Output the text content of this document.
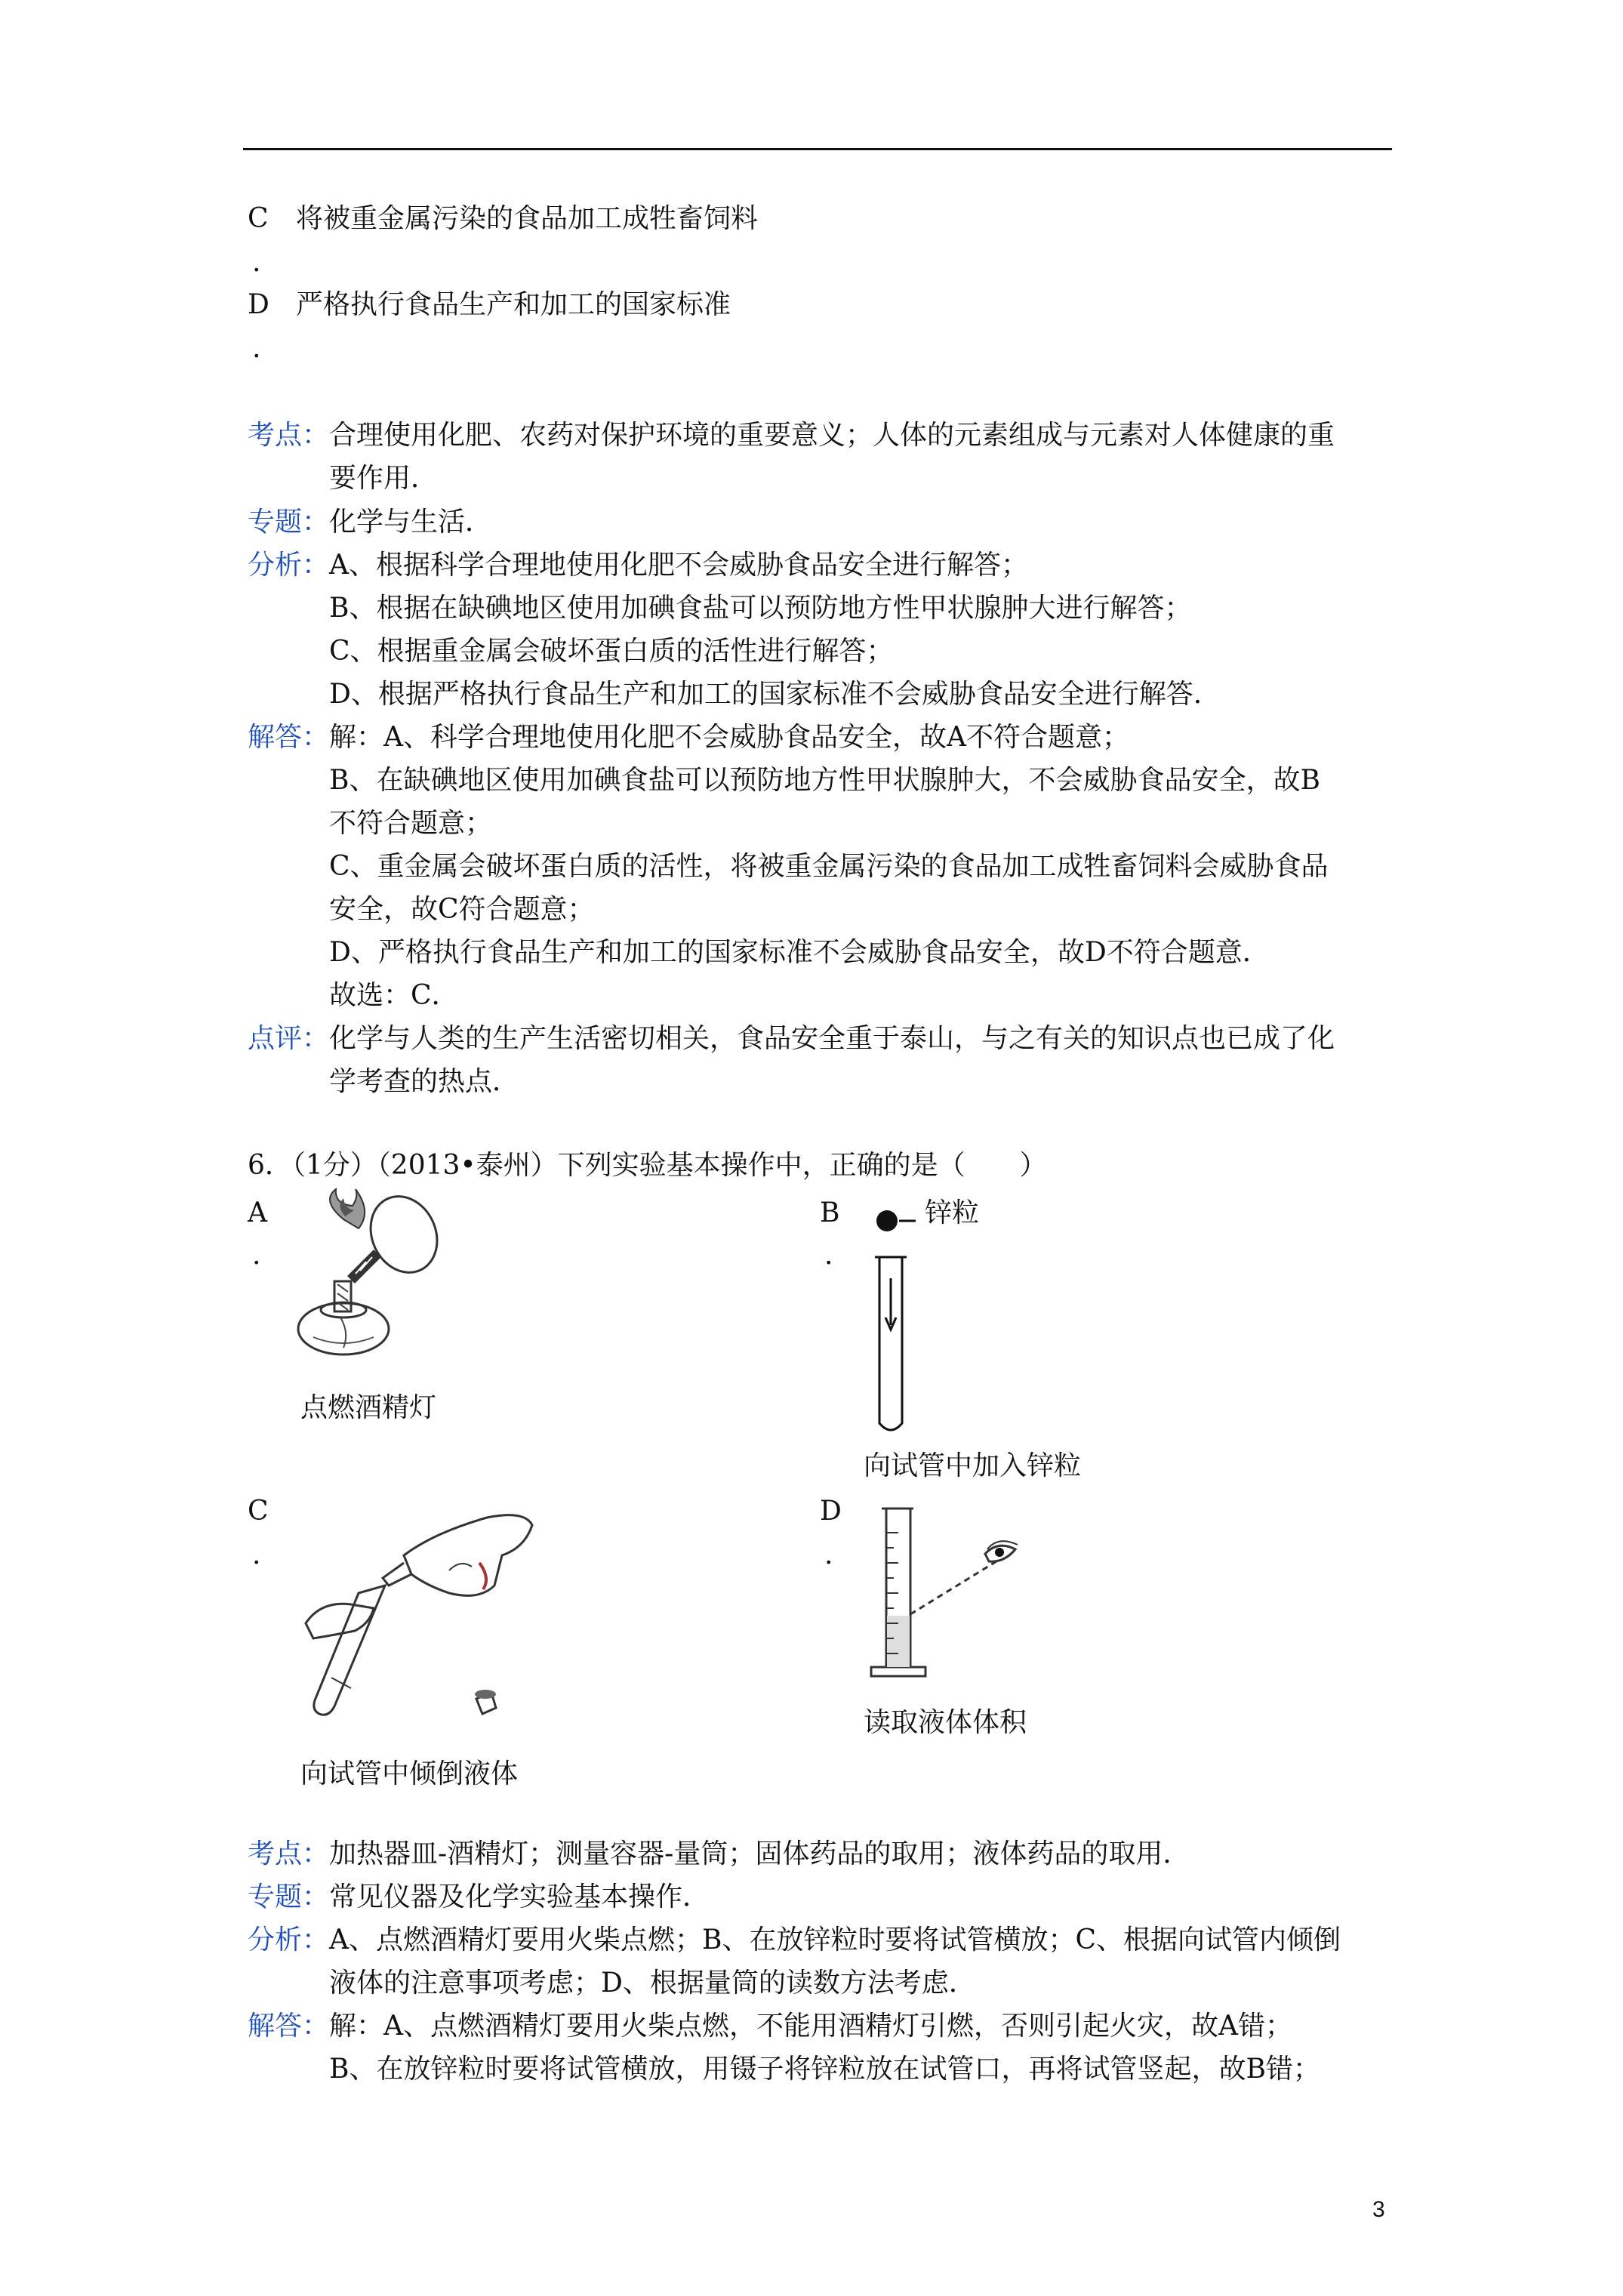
C 将被重金属污染的食品加工成牲畜饲料
.
D 严格执行食品生产和加工的国家标准
.
考点： 合理使用化肥、农药对保护环境的重要意义；人体的元素组成与元素对人体健康的重
要作用．
专题： 化学与生活．
分析： A、根据科学合理地使用化肥不会威胁食品安全进行解答；
B、根据在缺碘地区使用加碘食盐可以预防地方性甲状腺肿大进行解答；
C、根据重金属会破坏蛋白质的活性进行解答；
D、根据严格执行食品生产和加工的国家标准不会威胁食品安全进行解答．
解答： 解：A、科学合理地使用化肥不会威胁食品安全，故A不符合题意；
B、在缺碘地区使用加碘食盐可以预防地方性甲状腺肿大，不会威胁食品安全，故B
不符合题意；
C、重金属会破坏蛋白质的活性，将被重金属污染的食品加工成牲畜饲料会威胁食品
安全，故C符合题意；
D、严格执行食品生产和加工的国家标准不会威胁食品安全，故D不符合题意．
故选：C．
点评： 化学与人类的生产生活密切相关，食品安全重于泰山，与之有关的知识点也已成了化
学考查的热点．
6．（1分）（2013•泰州）下列实验基本操作中，正确的是（　　）
A
.
点燃酒精灯
B
.
锌粒
向试管中加入锌粒
C
.
向试管中倾倒液体
D
.
读取液体体积
考点： 加热器皿-酒精灯；测量容器-量筒；固体药品的取用；液体药品的取用．
专题： 常见仪器及化学实验基本操作．
分析： A、点燃酒精灯要用火柴点燃；B、在放锌粒时要将试管横放；C、根据向试管内倾倒
液体的注意事项考虑；D、根据量筒的读数方法考虑．
解答： 解：A、点燃酒精灯要用火柴点燃，不能用酒精灯引燃，否则引起火灾，故A错；
B、在放锌粒时要将试管横放，用镊子将锌粒放在试管口，再将试管竖起，故B错；
3
